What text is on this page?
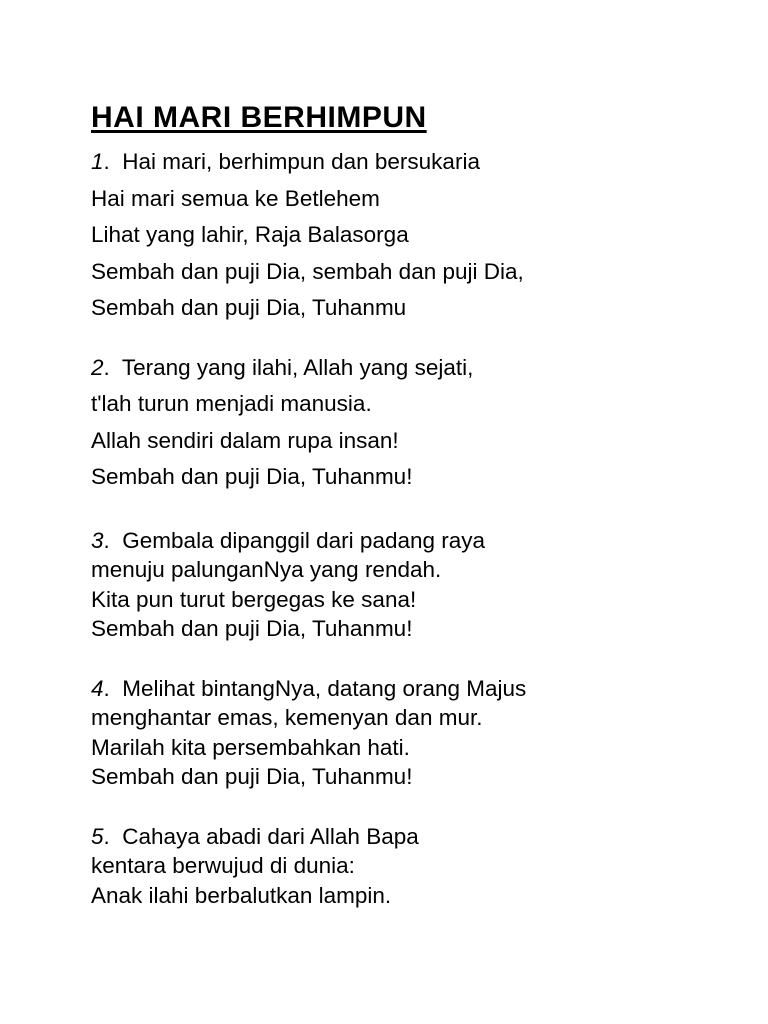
HAI MARI BERHIMPUN
1.  Hai mari, berhimpun dan bersukaria
Hai mari semua ke Betlehem
Lihat yang lahir, Raja Balasorga
Sembah dan puji Dia, sembah dan puji Dia,
Sembah dan puji Dia, Tuhanmu
2.  Terang yang ilahi, Allah yang sejati,
t'lah turun menjadi manusia.
Allah sendiri dalam rupa insan!
Sembah dan puji Dia, Tuhanmu!
3.  Gembala dipanggil dari padang raya
menuju palunganNya yang rendah.
Kita pun turut bergegas ke sana!
Sembah dan puji Dia, Tuhanmu!
4.  Melihat bintangNya, datang orang Majus
menghantar emas, kemenyan dan mur.
Marilah kita persembahkan hati.
Sembah dan puji Dia, Tuhanmu!
5.  Cahaya abadi dari Allah Bapa
kentara berwujud di dunia:
Anak ilahi berbalutkan lampin.
